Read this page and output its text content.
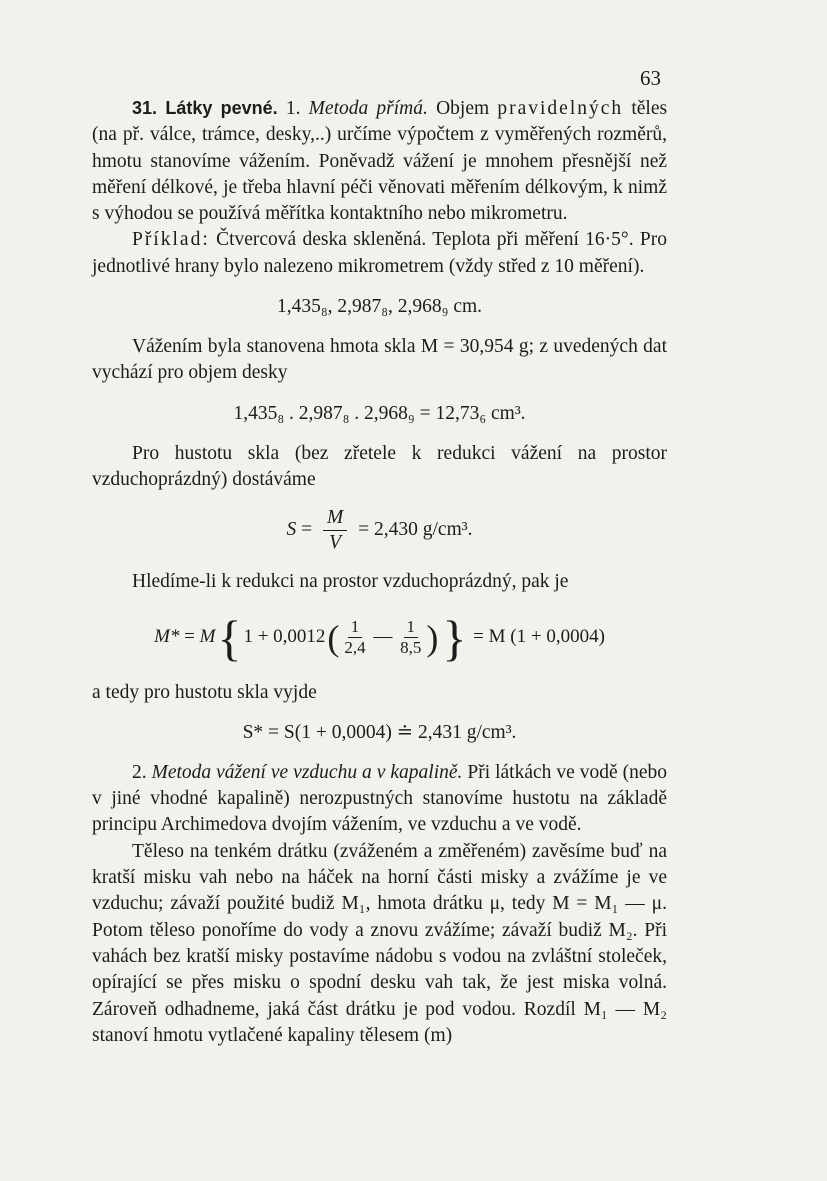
63

31. Látky pevné. 1. Metoda přímá. Objem pravidelných těles (na př. válce, trámce, desky,..) určíme výpočtem z vyměřených rozměrů, hmotu stanovíme vážením. Poněvadž vážení je mnohem přesnější než měření délkové, je třeba hlavní péči věnovati měřením délkovým, k nimž s výhodou se používá měřítka kontaktního nebo mikrometru.

Příklad: Čtvercová deska skleněná. Teplota při měření 16·5°. Pro jednotlivé hrany bylo nalezeno mikrometrem (vždy střed z 10 měření).

1,435₈, 2,987₈, 2,968₉ cm.

Vážením byla stanovena hmota skla M = 30,954 g; z uvedených dat vychází pro objem desky

1,435₈ . 2,987₈ . 2,968₉ = 12,73₆ cm³.

Pro hustotu skla (bez zřetele k redukci vážení na prostor vzduchoprázdný) dostáváme

$S = \frac{M}{V} = 2,430$ g/cm³.

Hledíme-li k redukci na prostor vzduchoprázdný, pak je

M* = M { 1 + 0,0012 ( $\frac{1}{2,4}$ — $\frac{1}{8,5}$ ) } = M (1 + 0,0004)

a tedy pro hustotu skla vyjde

S* = S(1 + 0,0004) ≐ 2,431 g/cm³.

2. Metoda vážení ve vzduchu a v kapalině. Při látkách ve vodě (nebo v jiné vhodné kapalině) nerozpustných stanovíme hustotu na základě principu Archimedova dvojím vážením, ve vzduchu a ve vodě.

Těleso na tenkém drátku (zváženém a změřeném) zavěsíme buď na kratší misku vah nebo na háček na horní části misky a zvážíme je ve vzduchu; závaží použité budiž M₁, hmota drátku μ, tedy M = M₁ — μ. Potom těleso ponoříme do vody a znovu zvážíme; závaží budiž M₂. Při vahách bez kratší misky postavíme nádobu s vodou na zvláštní stoleček, opírající se přes misku o spodní desku vah tak, že jest miska volná. Zároveň odhadneme, jaká část drátku je pod vodou. Rozdíl M₁ — M₂ stanoví hmotu vytlačené kapaliny tělesem (m)
